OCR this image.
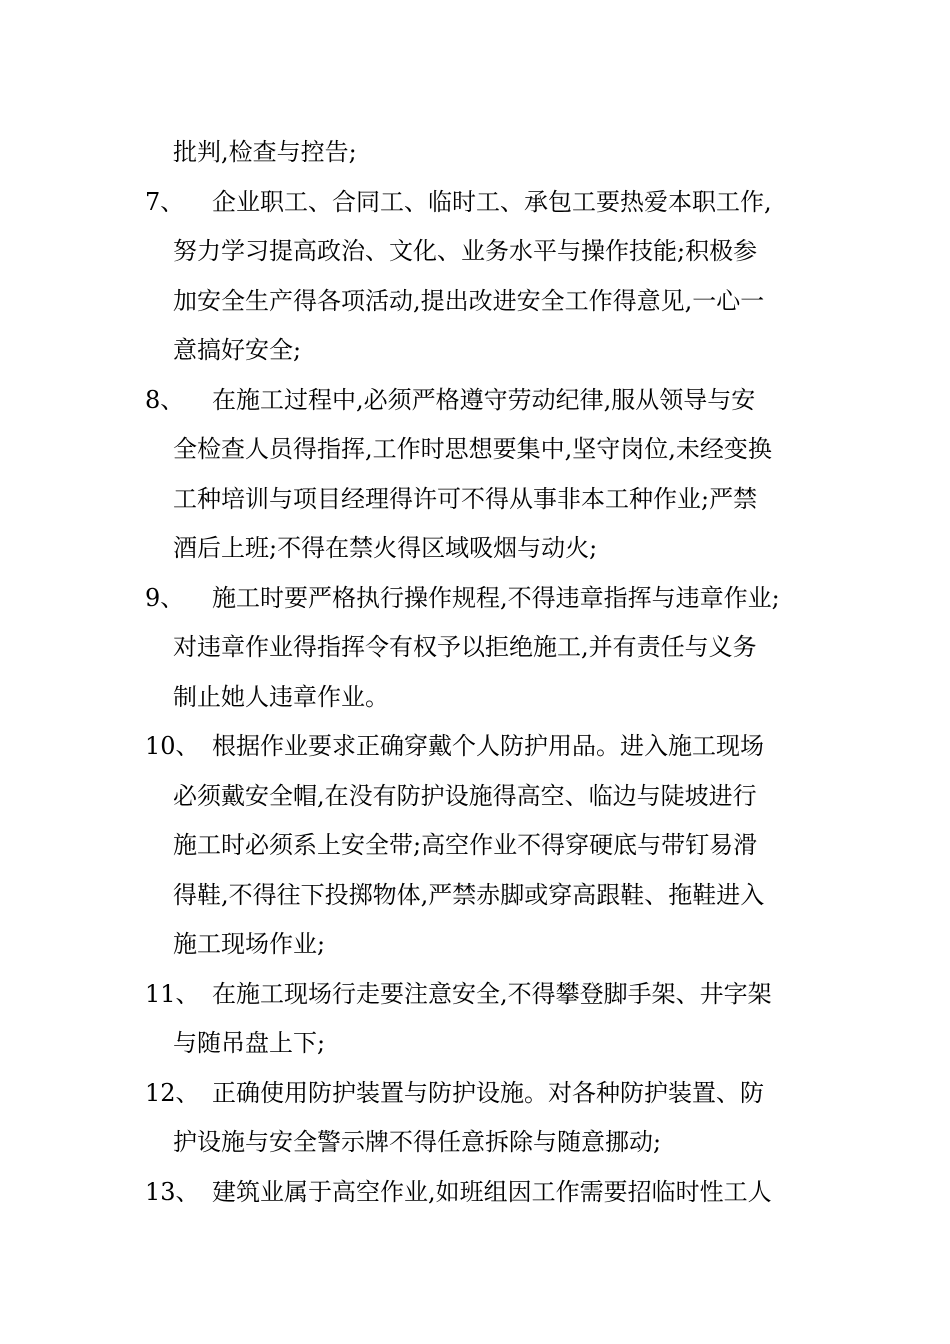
批判,检查与控告;
7、 企业职工、合同工、临时工、承包工要热爱本职工作,
努力学习提高政治、文化、业务水平与操作技能;积极参
加安全生产得各项活动,提出改进安全工作得意见,一心一
意搞好安全;
8、 在施工过程中,必须严格遵守劳动纪律,服从领导与安
全检查人员得指挥,工作时思想要集中,坚守岗位,未经变换
工种培训与项目经理得许可不得从事非本工种作业;严禁
酒后上班;不得在禁火得区域吸烟与动火;
9、 施工时要严格执行操作规程,不得违章指挥与违章作业;
对违章作业得指挥令有权予以拒绝施工,并有责任与义务
制止她人违章作业。
10、 根据作业要求正确穿戴个人防护用品。进入施工现场
必须戴安全帽,在没有防护设施得高空、临边与陡坡进行
施工时必须系上安全带;高空作业不得穿硬底与带钉易滑
得鞋,不得往下投掷物体,严禁赤脚或穿高跟鞋、拖鞋进入
施工现场作业;
11、 在施工现场行走要注意安全,不得攀登脚手架、井字架
与随吊盘上下;
12、 正确使用防护装置与防护设施。对各种防护装置、防
护设施与安全警示牌不得任意拆除与随意挪动;
13、 建筑业属于高空作业,如班组因工作需要招临时性工人
